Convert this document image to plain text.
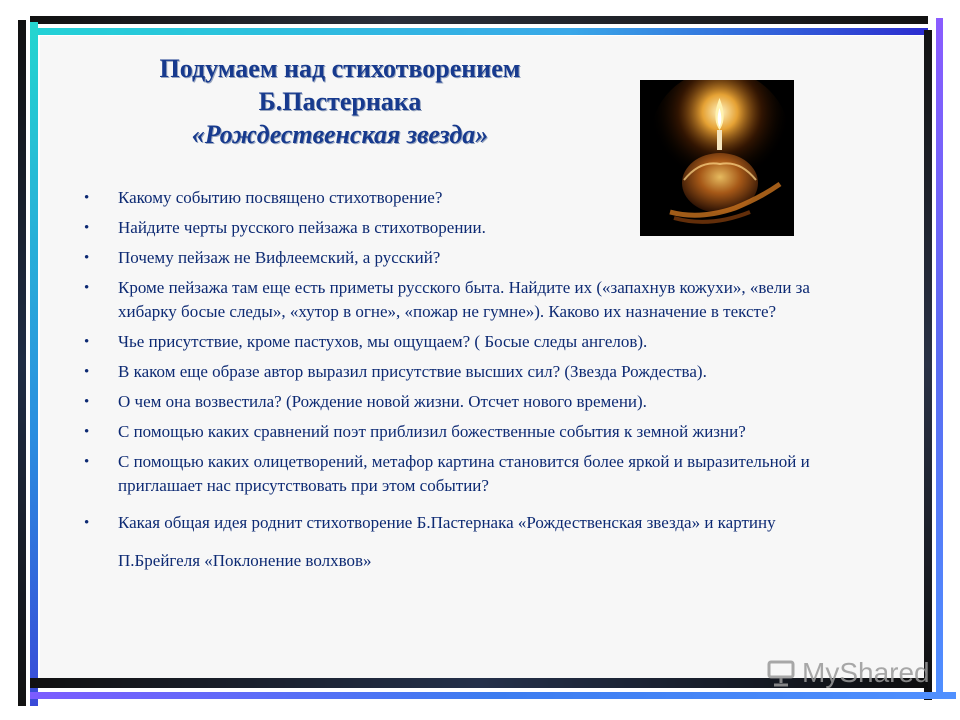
Подумаем над стихотворением
Б.Пастернака
«Рождественская звезда»
• Какому событию посвящено стихотворение?
• Найдите черты русского пейзажа в стихотворении.
• Почему пейзаж не Вифлеемский, а русский?
• Кроме пейзажа там еще есть приметы русского быта. Найдите их («запахнув кожухи», «вели за хибарку босые следы», «хутор в огне», «пожар не гумне»). Каково их назначение в тексте?
• Чье присутствие, кроме пастухов, мы ощущаем? ( Босые следы ангелов).
• В каком еще образе автор выразил присутствие высших сил? (Звезда Рождества).
• О чем она возвестила? (Рождение новой жизни. Отсчет нового времени).
• С помощью каких сравнений поэт приблизил божественные события к земной жизни?
• С помощью каких олицетворений, метафор картина становится более яркой и выразительной и приглашает нас присутствовать при этом событии?
• Какая общая идея роднит стихотворение Б.Пастернака «Рождественская звезда» и картину П.Брейгеля «Поклонение волхвов»
MyShared
